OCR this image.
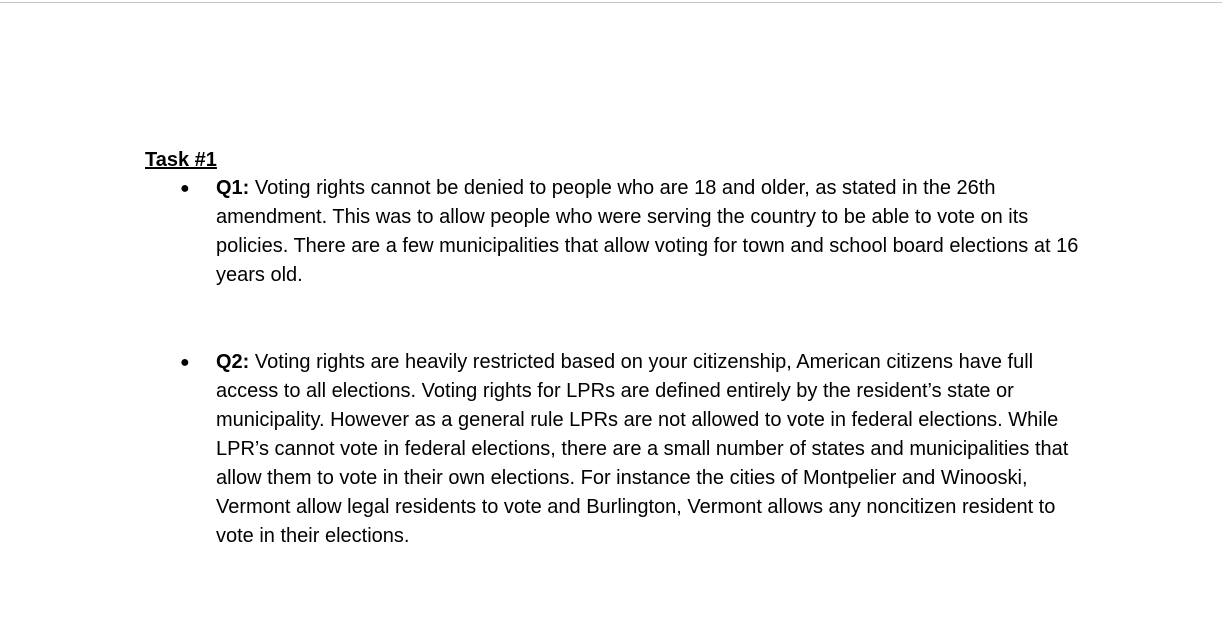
Task #1

● Q1: Voting rights cannot be denied to people who are 18 and older, as stated in the 26th amendment. This was to allow people who were serving the country to be able to vote on its policies. There are a few municipalities that allow voting for town and school board elections at 16 years old.
● Q2: Voting rights are heavily restricted based on your citizenship, American citizens have full access to all elections. Voting rights for LPRs are defined entirely by the resident’s state or municipality. However as a general rule LPRs are not allowed to vote in federal elections. While LPR’s cannot vote in federal elections, there are a small number of states and municipalities that allow them to vote in their own elections. For instance the cities of Montpelier and Winooski, Vermont allow legal residents to vote and Burlington, Vermont allows any noncitizen resident to vote in their elections.
